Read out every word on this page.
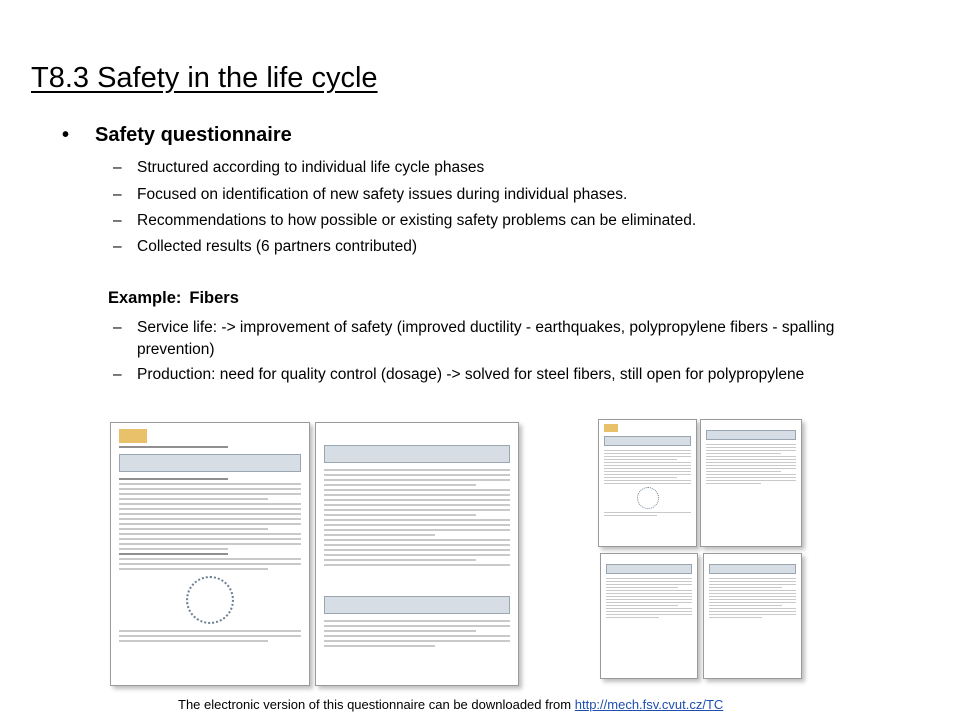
T8.3 Safety in the life cycle
• Safety questionnaire
– Structured according to individual life cycle phases
– Focused on identification of new safety issues during individual phases.
– Recommendations to how possible or existing safety problems can be eliminated.
– Collected results (6 partners contributed)
Example: Fibers
– Service life: -> improvement of safety (improved ductility - earthquakes, polypropylene fibers - spalling prevention)
– Production: need for quality control (dosage) -> solved for steel fibers, still open for polypropylene
The electronic version of this questionnaire can be downloaded from http://mech.fsv.cvut.cz/TC
